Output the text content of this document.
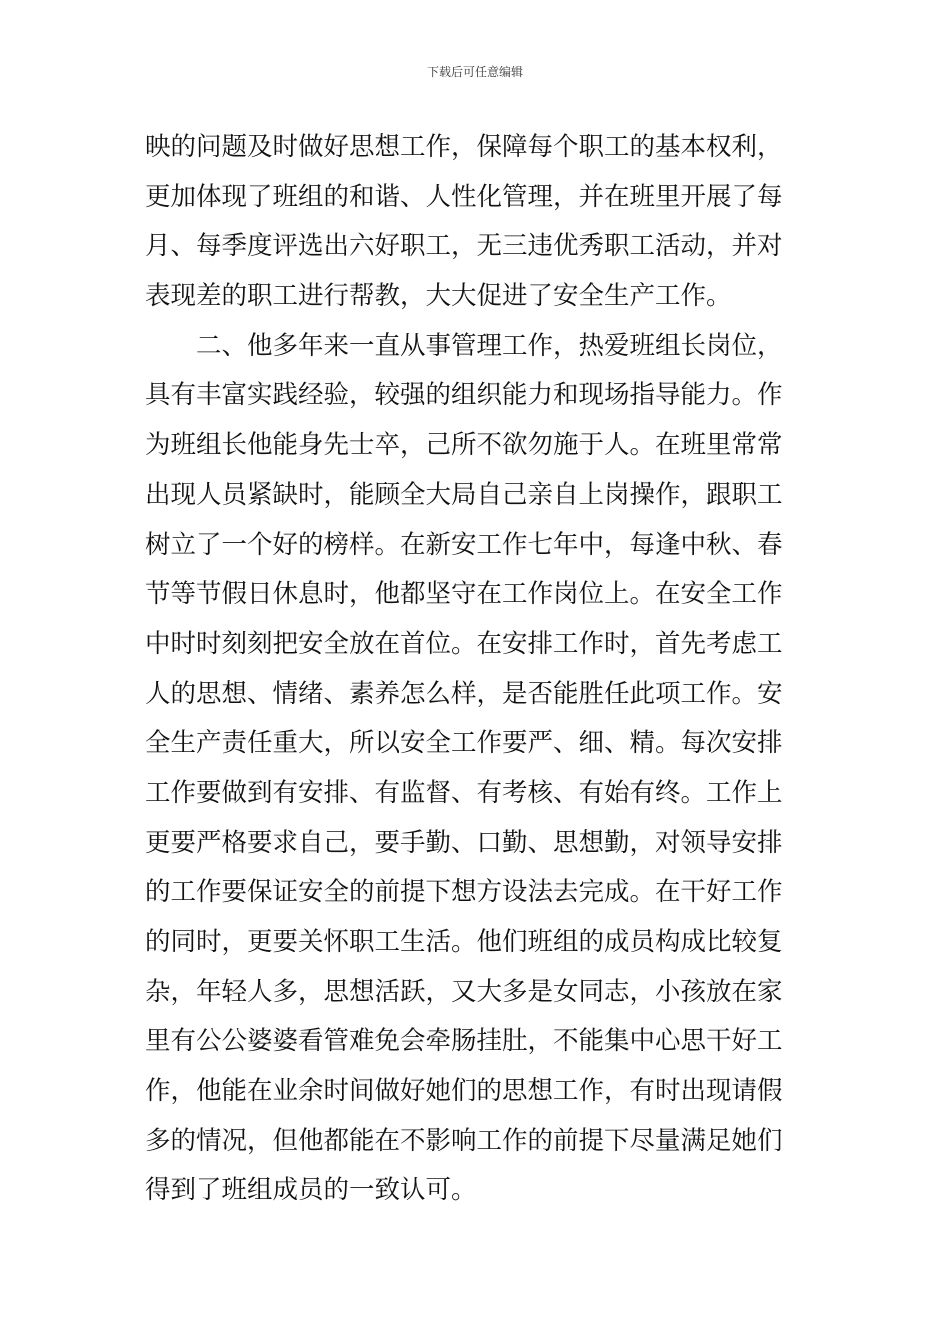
下载后可任意编辑
映的问题及时做好思想工作，保障每个职工的基本权利，
更加体现了班组的和谐、人性化管理，并在班里开展了每
月、每季度评选出六好职工，无三违优秀职工活动，并对
表现差的职工进行帮教，大大促进了安全生产工作。
二、他多年来一直从事管理工作，热爱班组长岗位，
具有丰富实践经验，较强的组织能力和现场指导能力。作
为班组长他能身先士卒，己所不欲勿施于人。在班里常常
出现人员紧缺时，能顾全大局自己亲自上岗操作，跟职工
树立了一个好的榜样。在新安工作七年中，每逢中秋、春
节等节假日休息时，他都坚守在工作岗位上。在安全工作
中时时刻刻把安全放在首位。在安排工作时，首先考虑工
人的思想、情绪、素养怎么样，是否能胜任此项工作。安
全生产责任重大，所以安全工作要严、细、精。每次安排
工作要做到有安排、有监督、有考核、有始有终。工作上
更要严格要求自己，要手勤、口勤、思想勤，对领导安排
的工作要保证安全的前提下想方设法去完成。在干好工作
的同时，更要关怀职工生活。他们班组的成员构成比较复
杂，年轻人多，思想活跃，又大多是女同志，小孩放在家
里有公公婆婆看管难免会牵肠挂肚，不能集中心思干好工
作，他能在业余时间做好她们的思想工作，有时出现请假
多的情况，但他都能在不影响工作的前提下尽量满足她们
得到了班组成员的一致认可。
